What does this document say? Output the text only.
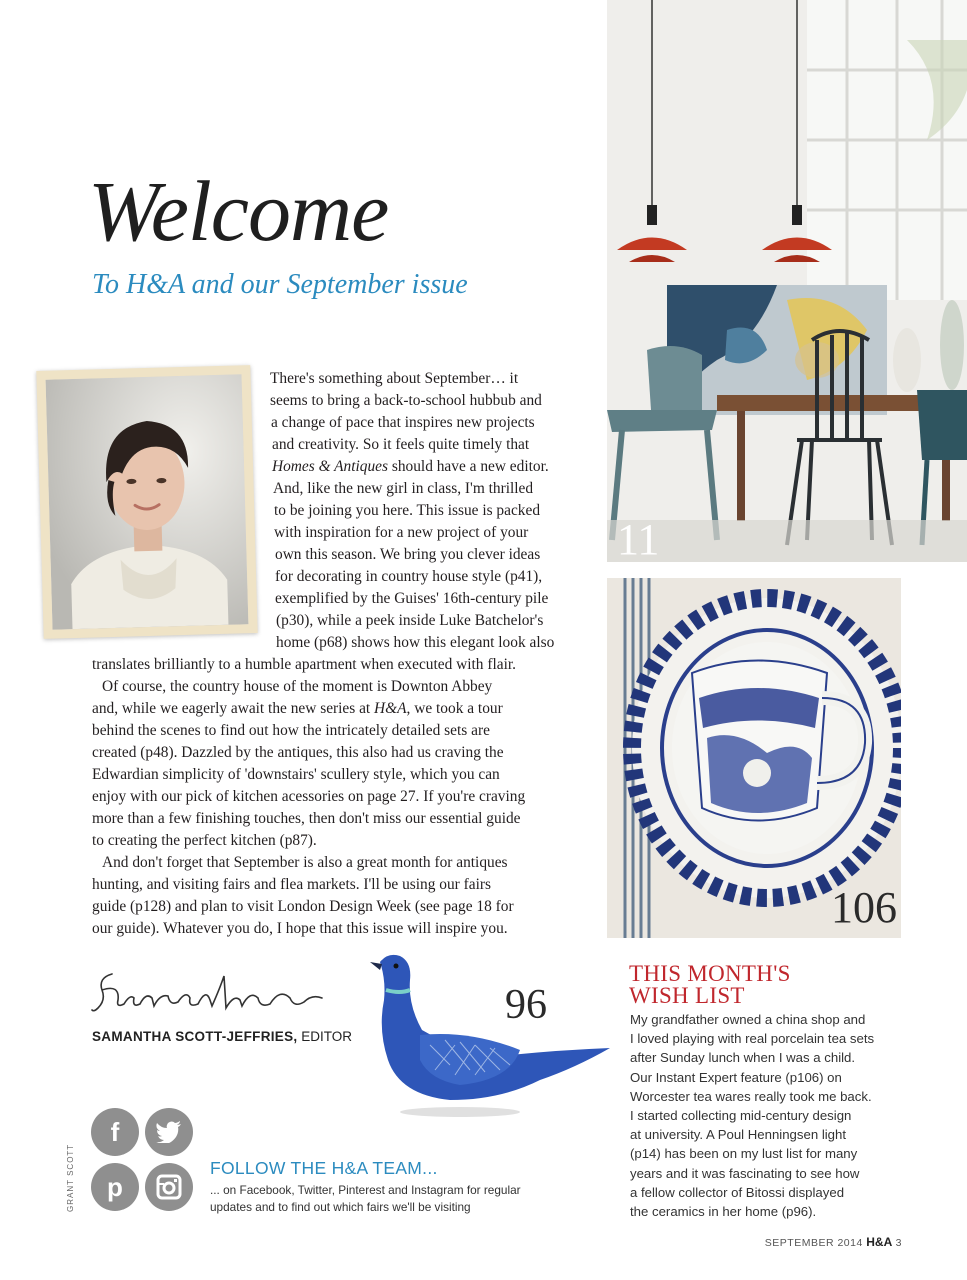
Welcome
To H&A and our September issue
There's something about September… it
seems to bring a back-to-school hubbub and
a change of pace that inspires new projects
and creativity. So it feels quite timely that
Homes & Antiques should have a new editor.
And, like the new girl in class, I'm thrilled
to be joining you here. This issue is packed
with inspiration for a new project of your
own this season. We bring you clever ideas
for decorating in country house style (p41),
exemplified by the Guises' 16th-century pile
(p30), while a peek inside Luke Batchelor's
home (p68) shows how this elegant look also
translates brilliantly to a humble apartment when executed with flair.
Of course, the country house of the moment is Downton Abbey
and, while we eagerly await the new series at H&A, we took a tour
behind the scenes to find out how the intricately detailed sets are
created (p48). Dazzled by the antiques, this also had us craving the
Edwardian simplicity of 'downstairs' scullery style, which you can
enjoy with our pick of kitchen acessories on page 27. If you're craving
more than a few finishing touches, then don't miss our essential guide
to creating the perfect kitchen (p87).
And don't forget that September is also a great month for antiques
hunting, and visiting fairs and flea markets. I'll be using our fairs
guide (p128) and plan to visit London Design Week (see page 18 for
our guide). Whatever you do, I hope that this issue will inspire you.
11
106
THIS MONTH'S
WISH LIST
My grandfather owned a china shop and
I loved playing with real porcelain tea sets
after Sunday lunch when I was a child.
Our Instant Expert feature (p106) on
Worcester tea wares really took me back.
I started collecting mid-century design
at university. A Poul Henningsen light
(p14) has been on my lust list for many
years and it was fascinating to see how
a fellow collector of Bitossi displayed
the ceramics in her home (p96).
SAMANTHA SCOTT-JEFFRIES, EDITOR
96
f
p
GRANT SCOTT	FOLLOW THE H&A TEAM...
... on Facebook, Twitter, Pinterest and Instagram for regular
updates and to find out which fairs we'll be visiting
SEPTEMBER 2014 H&A 3
